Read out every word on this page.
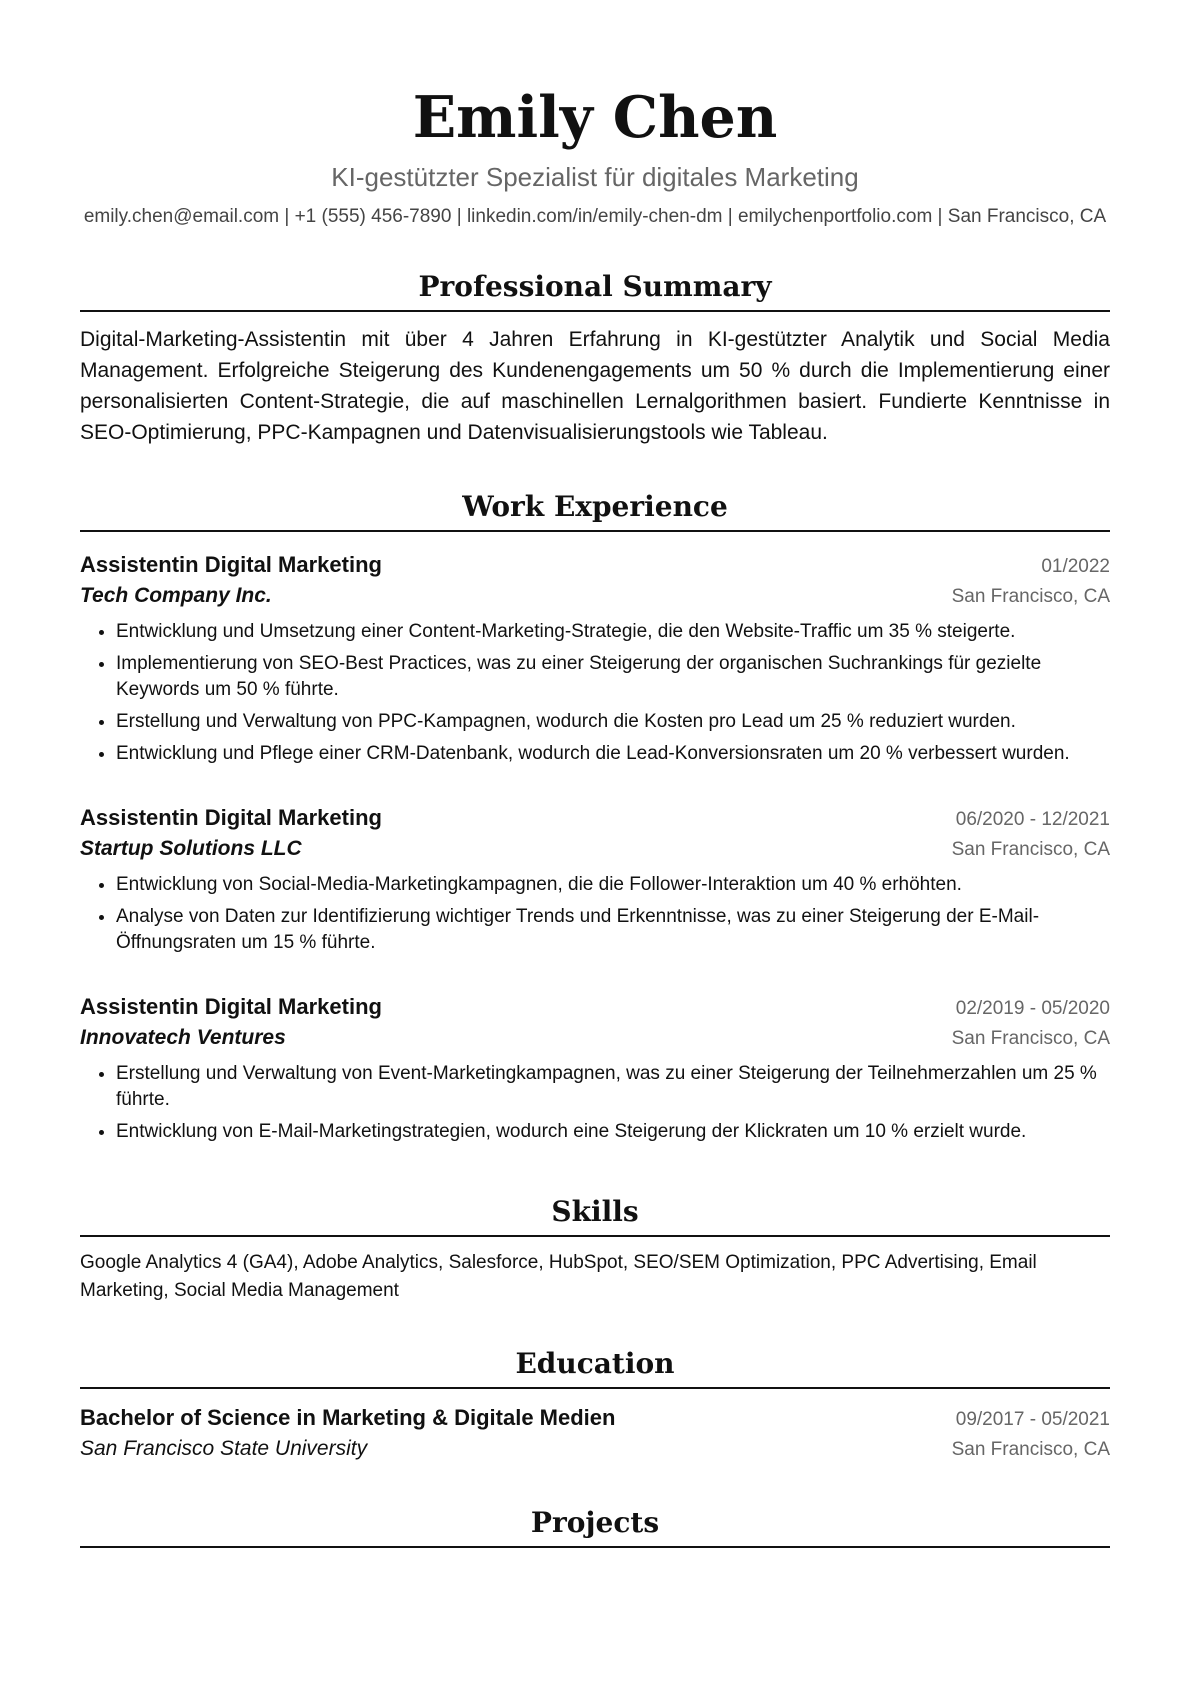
Emily Chen
KI-gestützter Spezialist für digitales Marketing
emily.chen@email.com | +1 (555) 456-7890 | linkedin.com/in/emily-chen-dm | emilychenportfolio.com | San Francisco, CA
Professional Summary
Digital-Marketing-Assistentin mit über 4 Jahren Erfahrung in KI-gestützter Analytik und Social Media Management. Erfolgreiche Steigerung des Kundenengagements um 50 % durch die Implementierung einer personalisierten Content-Strategie, die auf maschinellen Lernalgorithmen basiert. Fundierte Kenntnisse in SEO-Optimierung, PPC-Kampagnen und Datenvisualisierungstools wie Tableau.
Work Experience
Assistentin Digital Marketing	01/2022
Tech Company Inc.	San Francisco, CA
• Entwicklung und Umsetzung einer Content-Marketing-Strategie, die den Website-Traffic um 35 % steigerte.
• Implementierung von SEO-Best Practices, was zu einer Steigerung der organischen Suchrankings für gezielte Keywords um 50 % führte.
• Erstellung und Verwaltung von PPC-Kampagnen, wodurch die Kosten pro Lead um 25 % reduziert wurden.
• Entwicklung und Pflege einer CRM-Datenbank, wodurch die Lead-Konversionsraten um 20 % verbessert wurden.
Assistentin Digital Marketing	06/2020 - 12/2021
Startup Solutions LLC	San Francisco, CA
• Entwicklung von Social-Media-Marketingkampagnen, die die Follower-Interaktion um 40 % erhöhten.
• Analyse von Daten zur Identifizierung wichtiger Trends und Erkenntnisse, was zu einer Steigerung der E-Mail-Öffnungsraten um 15 % führte.
Assistentin Digital Marketing	02/2019 - 05/2020
Innovatech Ventures	San Francisco, CA
• Erstellung und Verwaltung von Event-Marketingkampagnen, was zu einer Steigerung der Teilnehmerzahlen um 25 % führte.
• Entwicklung von E-Mail-Marketingstrategien, wodurch eine Steigerung der Klickraten um 10 % erzielt wurde.
Skills
Google Analytics 4 (GA4), Adobe Analytics, Salesforce, HubSpot, SEO/SEM Optimization, PPC Advertising, Email Marketing, Social Media Management
Education
Bachelor of Science in Marketing & Digitale Medien	09/2017 - 05/2021
San Francisco State University	San Francisco, CA
Projects
